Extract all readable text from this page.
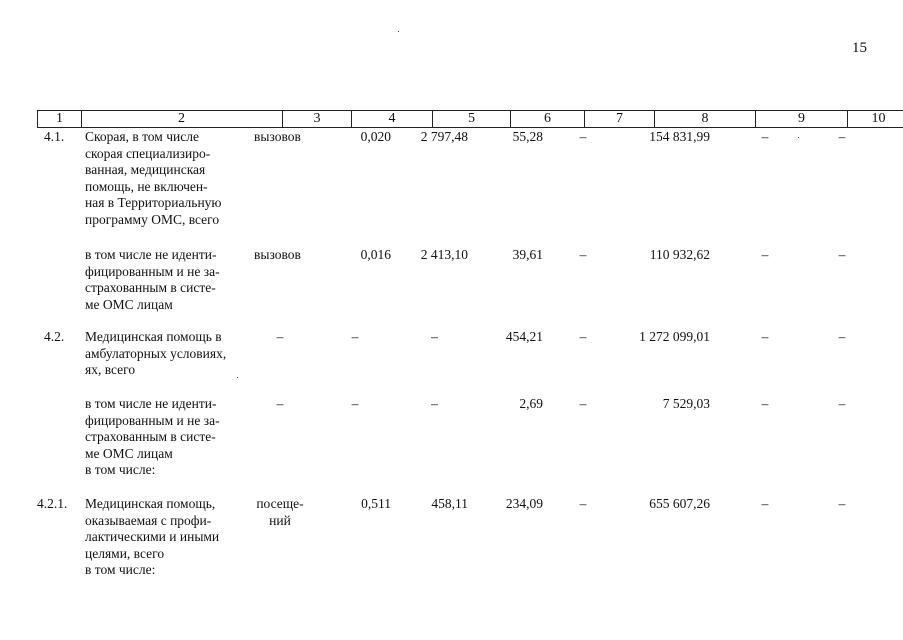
15
1	2	3	4	5	6	7	8	9	10
4.1. Скорая, в том числе
скорая специализиро-
ванная, медицинская
помощь, не включен-
ная в Территориальную
программу ОМС, всего
вызовов	0,020	2 797,48	55,28	–	154 831,99	–	–
в том числе не иденти-
фицированным и не за-
страхованным в систе-
ме ОМС лицам
вызовов	0,016	2 413,10	39,61	–	110 932,62	–	–
4.2. Медицинская помощь в
амбулаторных условиях,
ях, всего
–	–	–	454,21	–	1 272 099,01	–	–
в том числе не иденти-
фицированным и не за-
страхованным в систе-
ме ОМС лицам
в том числе:
–	–	–	2,69	–	7 529,03	–	–
4.2.1. Медицинская помощь,
оказываемая с профи-
лактическими и иными
целями, всего
в том числе:
посеще-
ний
0,511	458,11	234,09	–	655 607,26	–	–
